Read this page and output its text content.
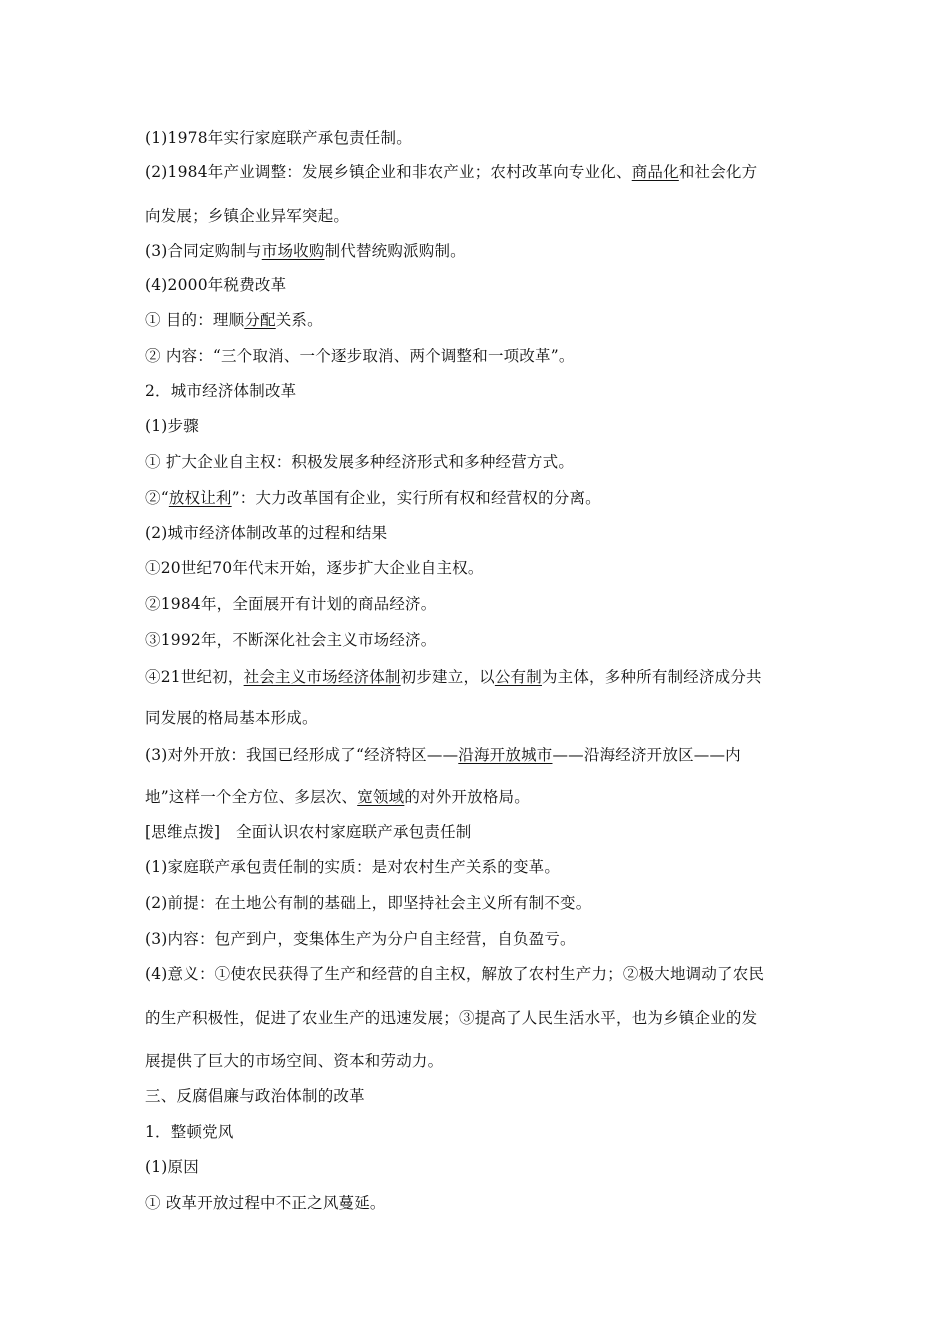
(1)1978年实行家庭联产承包责任制。
(2)1984年产业调整：发展乡镇企业和非农产业；农村改革向专业化、商品化和社会化方
向发展；乡镇企业异军突起。
(3)合同定购制与市场收购制代替统购派购制。
(4)2000年税费改革
① 目的：理顺分配关系。
② 内容：“三个取消、一个逐步取消、两个调整和一项改革”。
2．城市经济体制改革
(1)步骤
① 扩大企业自主权：积极发展多种经济形式和多种经营方式。
②“放权让利”：大力改革国有企业，实行所有权和经营权的分离。
(2)城市经济体制改革的过程和结果
①20世纪70年代末开始，逐步扩大企业自主权。
②1984年，全面展开有计划的商品经济。
③1992年，不断深化社会主义市场经济。
④21世纪初，社会主义市场经济体制初步建立，以公有制为主体，多种所有制经济成分共
同发展的格局基本形成。
(3)对外开放：我国已经形成了“经济特区——沿海开放城市——沿海经济开放区——内
地”这样一个全方位、多层次、宽领域的对外开放格局。
[思维点拨]　全面认识农村家庭联产承包责任制
(1)家庭联产承包责任制的实质：是对农村生产关系的变革。
(2)前提：在土地公有制的基础上，即坚持社会主义所有制不变。
(3)内容：包产到户，变集体生产为分户自主经营，自负盈亏。
(4)意义：①使农民获得了生产和经营的自主权，解放了农村生产力；②极大地调动了农民
的生产积极性，促进了农业生产的迅速发展；③提高了人民生活水平，也为乡镇企业的发
展提供了巨大的市场空间、资本和劳动力。
三、反腐倡廉与政治体制的改革
1．整顿党风
(1)原因
① 改革开放过程中不正之风蔓延。
